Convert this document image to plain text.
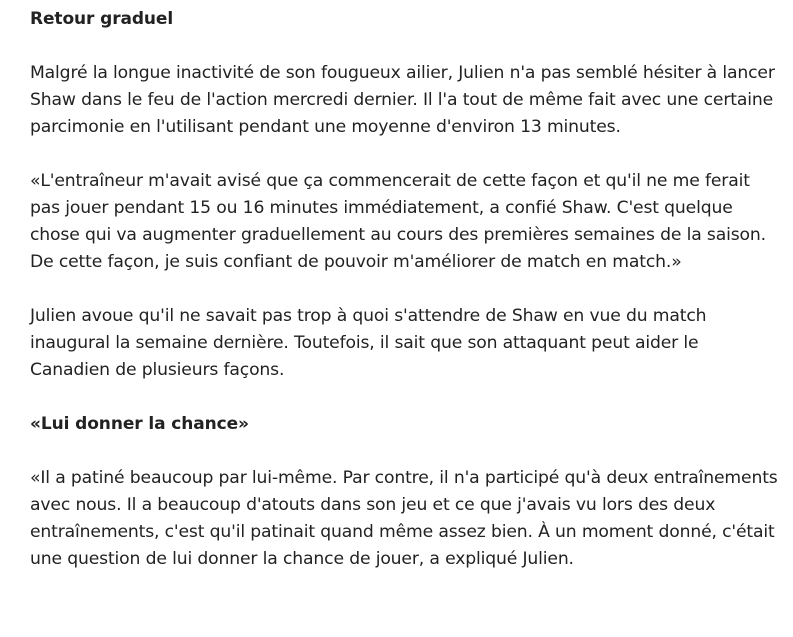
Retour graduel

Malgré la longue inactivité de son fougueux ailier, Julien n'a pas semblé hésiter à lancer Shaw dans le feu de l'action mercredi dernier. Il l'a tout de même fait avec une certaine parcimonie en l'utilisant pendant une moyenne d'environ 13 minutes.

«L'entraîneur m'avait avisé que ça commencerait de cette façon et qu'il ne me ferait pas jouer pendant 15 ou 16 minutes immédiatement, a confié Shaw. C'est quelque chose qui va augmenter graduellement au cours des premières semaines de la saison. De cette façon, je suis confiant de pouvoir m'améliorer de match en match.»

Julien avoue qu'il ne savait pas trop à quoi s'attendre de Shaw en vue du match inaugural la semaine dernière. Toutefois, il sait que son attaquant peut aider le Canadien de plusieurs façons.

«Lui donner la chance»

«Il a patiné beaucoup par lui-même. Par contre, il n'a participé qu'à deux entraînements avec nous. Il a beaucoup d'atouts dans son jeu et ce que j'avais vu lors des deux entraînements, c'est qu'il patinait quand même assez bien. À un moment donné, c'était une question de lui donner la chance de jouer, a expliqué Julien.
